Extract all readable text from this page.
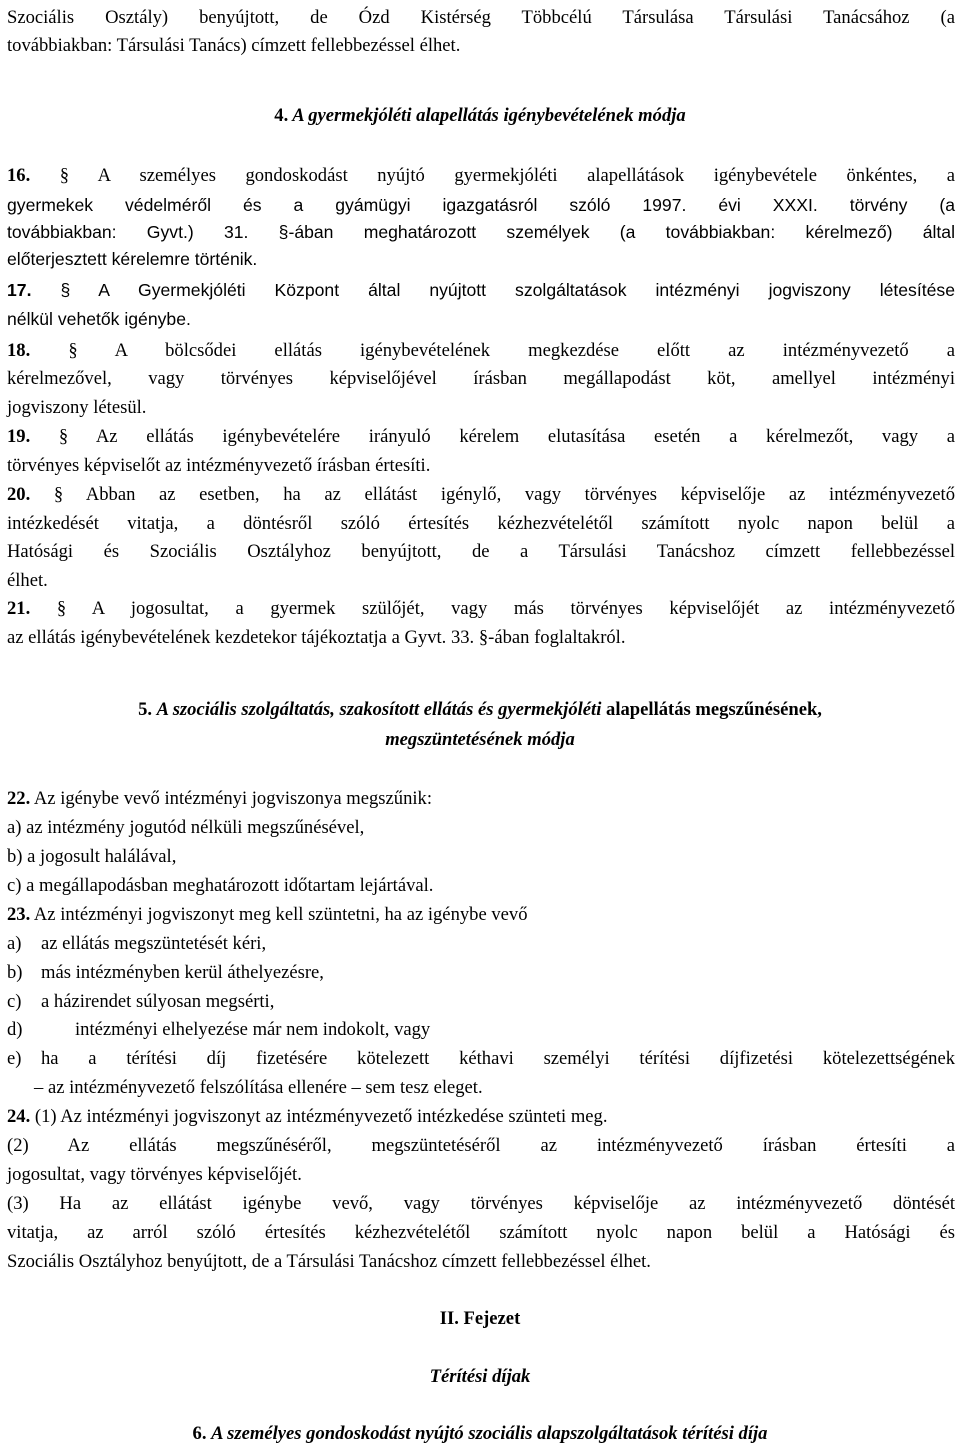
Szociális Osztály) benyújtott, de Ózd Kistérség Többcélú Társulása Társulási Tanácsához (a
továbbiakban: Társulási Tanács) címzett fellebbezéssel élhet.
4. A gyermekjóléti alapellátás igénybevételének módja
16. § A személyes gondoskodást nyújtó gyermekjóléti alapellátások igénybevétele önkéntes, a
gyermekek védelméről és a gyámügyi igazgatásról szóló 1997. évi XXXI. törvény (a
továbbiakban: Gyvt.) 31. §-ában meghatározott személyek (a továbbiakban: kérelmező) által
előterjesztett kérelemre történik.
17. § A Gyermekjóléti Központ által nyújtott szolgáltatások intézményi jogviszony létesítése
nélkül vehetők igénybe.
18. § A bölcsődei ellátás igénybevételének megkezdése előtt az intézményvezető a
kérelmezővel, vagy törvényes képviselőjével írásban megállapodást köt, amellyel intézményi
jogviszony létesül.
19. § Az ellátás igénybevételére irányuló kérelem elutasítása esetén a kérelmezőt, vagy a
törvényes képviselőt az intézményvezető írásban értesíti.
20. § Abban az esetben, ha az ellátást igénylő, vagy törvényes képviselője az intézményvezető
intézkedését vitatja, a döntésről szóló értesítés kézhezvételétől számított nyolc napon belül a
Hatósági és Szociális Osztályhoz benyújtott, de a Társulási Tanácshoz címzett fellebbezéssel
élhet.
21. § A jogosultat, a gyermek szülőjét, vagy más törvényes képviselőjét az intézményvezető
az ellátás igénybevételének kezdetekor tájékoztatja a Gyvt. 33. §-ában foglaltakról.
5. A szociális szolgáltatás, szakosított ellátás és gyermekjóléti alapellátás megszűnésének,
megszüntetésének módja
22. Az igénybe vevő intézményi jogviszonya megszűnik:
a) az intézmény jogutód nélküli megszűnésével,
b) a jogosult halálával,
c) a megállapodásban meghatározott időtartam lejártával.
23. Az intézményi jogviszonyt meg kell szüntetni, ha az igénybe vevő
a) az ellátás megszüntetését kéri,
b) más intézményben kerül áthelyezésre,
c) a házirendet súlyosan megsérti,
d)	intézményi elhelyezése már nem indokolt, vagy
e) ha a térítési díj fizetésére kötelezett kéthavi személyi térítési díjfizetési kötelezettségének
– az intézményvezető felszólítása ellenére – sem tesz eleget.
24. (1) Az intézményi jogviszonyt az intézményvezető intézkedése szünteti meg.
(2) Az ellátás megszűnéséről, megszüntetéséről az intézményvezető írásban értesíti a
jogosultat, vagy törvényes képviselőjét.
(3) Ha az ellátást igénybe vevő, vagy törvényes képviselője az intézményvezető döntését
vitatja, az arról szóló értesítés kézhezvételétől számított nyolc napon belül a Hatósági és
Szociális Osztályhoz benyújtott, de a Társulási Tanácshoz címzett fellebbezéssel élhet.
II. Fejezet
Térítési díjak
6. A személyes gondoskodást nyújtó szociális alapszolgáltatások térítési díja
